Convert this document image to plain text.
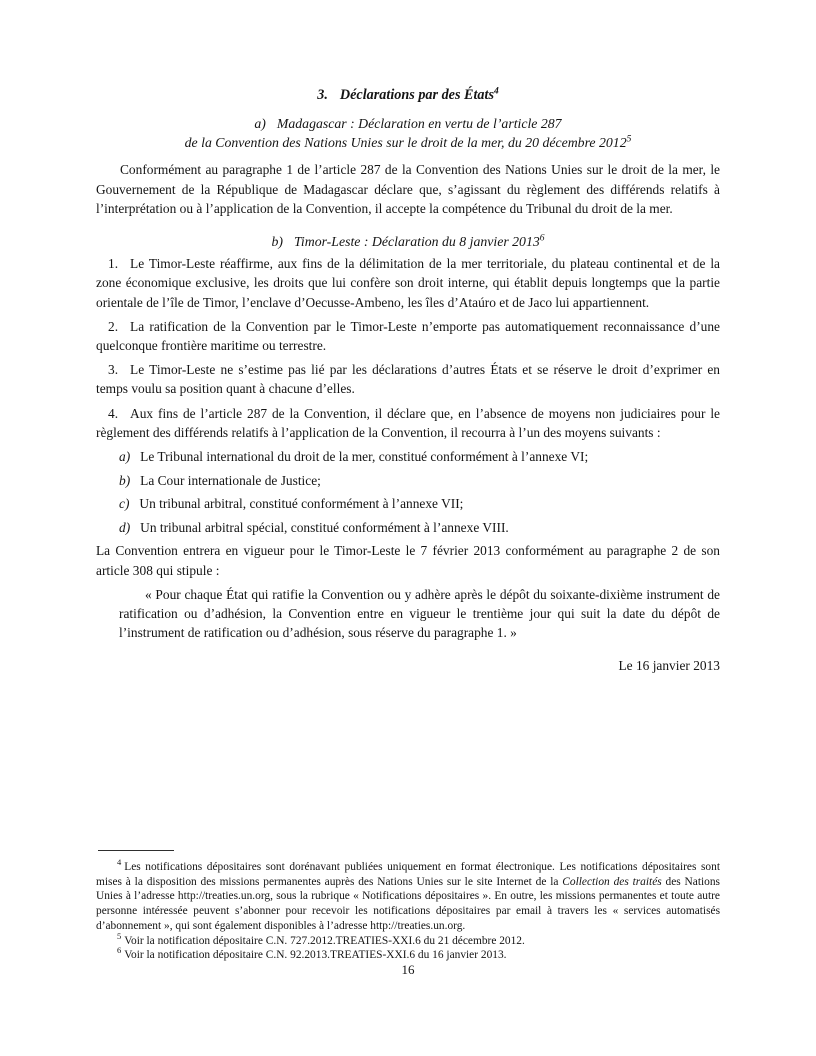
3. Déclarations par des États$^4$
a) Madagascar : Déclaration en vertu de l’article 287
de la Convention des Nations Unies sur le droit de la mer, du 20 décembre 2012$^5$

Conformément au paragraphe 1 de l’article 287 de la Convention des Nations Unies sur le droit de la mer, le Gouvernement de la République de Madagascar déclare que, s’agissant du règlement des différends relatifs à l’interprétation ou à l’application de la Convention, il accepte la compétence du Tribunal du droit de la mer.

b) Timor-Leste : Déclaration du 8 janvier 2013$^6$

1. Le Timor-Leste réaffirme, aux fins de la délimitation de la mer territoriale, du plateau continental et de la zone économique exclusive, les droits que lui confère son droit interne, qui établit depuis longtemps que la partie orientale de l’île de Timor, l’enclave d’Oecusse-Ambeno, les îles d’Ataúro et de Jaco lui appartiennent.

2. La ratification de la Convention par le Timor-Leste n’emporte pas automatiquement reconnaissance d’une quelconque frontière maritime ou terrestre.

3. Le Timor-Leste ne s’estime pas lié par les déclarations d’autres États et se réserve le droit d’exprimer en temps voulu sa position quant à chacune d’elles.

4. Aux fins de l’article 287 de la Convention, il déclare que, en l’absence de moyens non judiciaires pour le règlement des différends relatifs à l’application de la Convention, il recourra à l’un des moyens suivants :

a) Le Tribunal international du droit de la mer, constitué conformément à l’annexe VI;

b) La Cour internationale de Justice;

c) Un tribunal arbitral, constitué conformément à l’annexe VII;

d) Un tribunal arbitral spécial, constitué conformément à l’annexe VIII.

La Convention entrera en vigueur pour le Timor-Leste le 7 février 2013 conformément au paragraphe 2 de son article 308 qui stipule :

« Pour chaque État qui ratifie la Convention ou y adhère après le dépôt du soixante-dixième instrument de ratification ou d’adhésion, la Convention entre en vigueur le trentième jour qui suit la date du dépôt de l’instrument de ratification ou d’adhésion, sous réserve du paragraphe 1. »

Le 16 janvier 2013

$^4$ Les notifications dépositaires sont dorénavant publiées uniquement en format électronique. Les notifications dépositaires sont mises à la disposition des missions permanentes auprès des Nations Unies sur le site Internet de la Collection des traités des Nations Unies à l’adresse http://treaties.un.org, sous la rubrique « Notifications dépositaires ». En outre, les missions permanentes et toute autre personne intéressée peuvent s’abonner pour recevoir les notifications dépositaires par email à travers les « services automatisés d’abonnement », qui sont également disponibles à l’adresse http://treaties.un.org.

$^5$ Voir la notification dépositaire C.N. 727.2012.TREATIES-XXI.6 du 21 décembre 2012.

$^6$ Voir la notification dépositaire C.N. 92.2013.TREATIES-XXI.6 du 16 janvier 2013.

16
